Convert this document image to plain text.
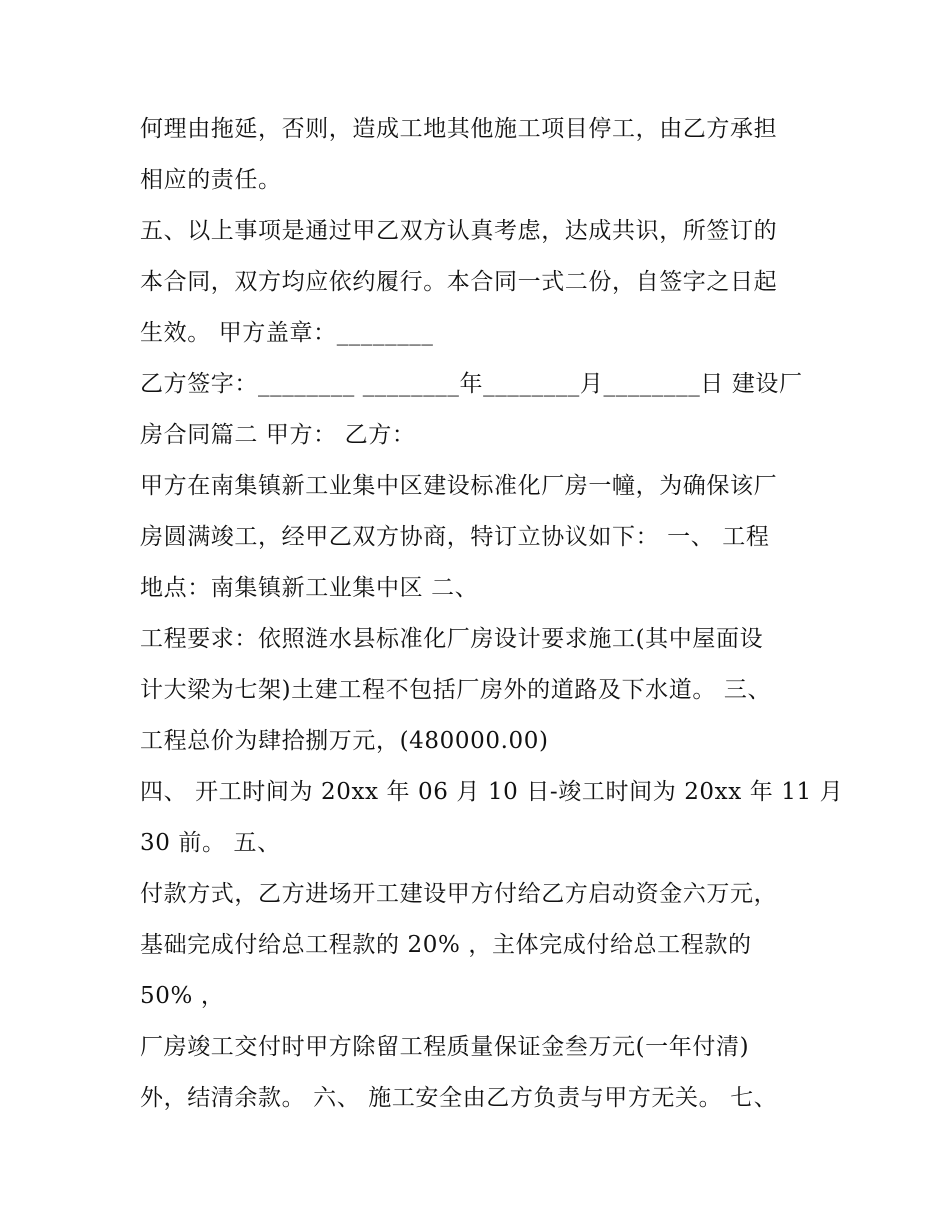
何理由拖延，否则，造成工地其他施工项目停工，由乙方承担
相应的责任。
五、以上事项是通过甲乙双方认真考虑，达成共识，所签订的
本合同，双方均应依约履行。本合同一式二份，自签字之日起
生效。 甲方盖章：________
乙方签字：________ ________年________月________日 建设厂
房合同篇二 甲方： 乙方：
甲方在南集镇新工业集中区建设标准化厂房一幢，为确保该厂
房圆满竣工，经甲乙双方协商，特订立协议如下： 一、 工程
地点：南集镇新工业集中区 二、
工程要求：依照涟水县标准化厂房设计要求施工(其中屋面设
计大梁为七架)土建工程不包括厂房外的道路及下水道。 三、
工程总价为肆拾捌万元，(480000.00)
四、 开工时间为 20xx 年 06 月 10 日-竣工时间为 20xx 年 11 月
30 前。 五、
付款方式，乙方进场开工建设甲方付给乙方启动资金六万元，
基础完成付给总工程款的 20% ，主体完成付给总工程款的
50% ，
厂房竣工交付时甲方除留工程质量保证金叁万元(一年付清)
外，结清余款。 六、 施工安全由乙方负责与甲方无关。 七、
